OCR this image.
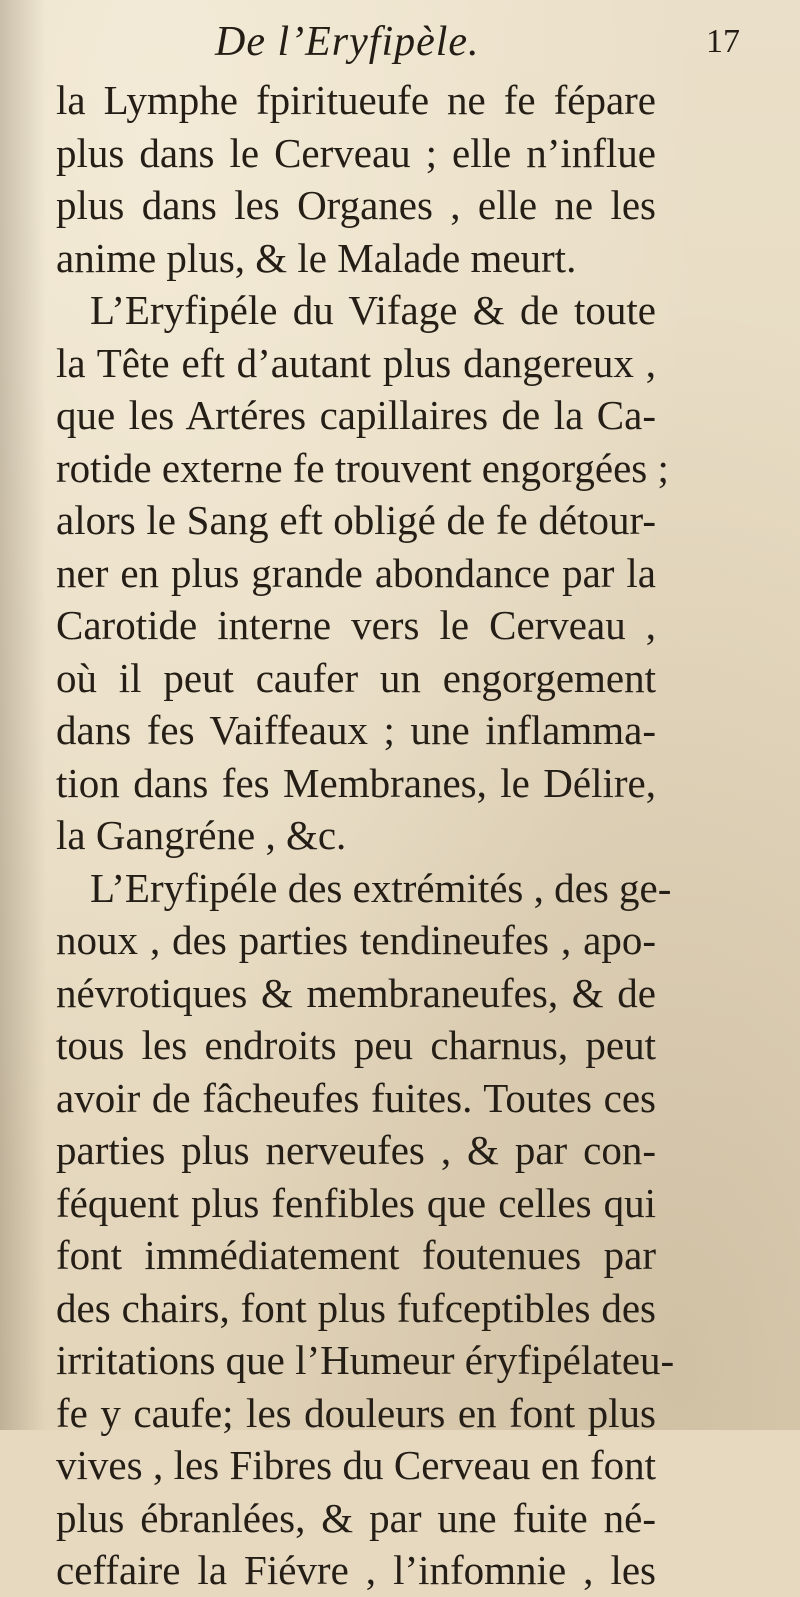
De l’Eryfipèle.	17
la Lymphe fpiritueufe ne fe fépare
plus dans le Cerveau ; elle n’influe
plus dans les Organes , elle ne les
anime plus, & le Malade meurt.
L’Eryfipéle du Vifage & de toute
la Tête eft d’autant plus dangereux ,
que les Artéres capillaires de la Ca-
rotide externe fe trouvent engorgées ;
alors le Sang eft obligé de fe détour-
ner en plus grande abondance par la
Carotide interne vers le Cerveau ,
où il peut caufer un engorgement
dans fes Vaiffeaux ; une inflamma-
tion dans fes Membranes, le Délire,
la Gangréne , &c.
L’Eryfipéle des extrémités , des ge-
noux , des parties tendineufes , apo-
névrotiques & membraneufes, & de
tous les endroits peu charnus, peut
avoir de fâcheufes fuites. Toutes ces
parties plus nerveufes , & par con-
féquent plus fenfibles que celles qui
font immédiatement foutenues par
des chairs, font plus fufceptibles des
irritations que l’Humeur éryfipélateu-
fe y caufe; les douleurs en font plus
vives , les Fibres du Cerveau en font
plus ébranlées, & par une fuite né-
ceffaire la Fiévre , l’infomnie , les
